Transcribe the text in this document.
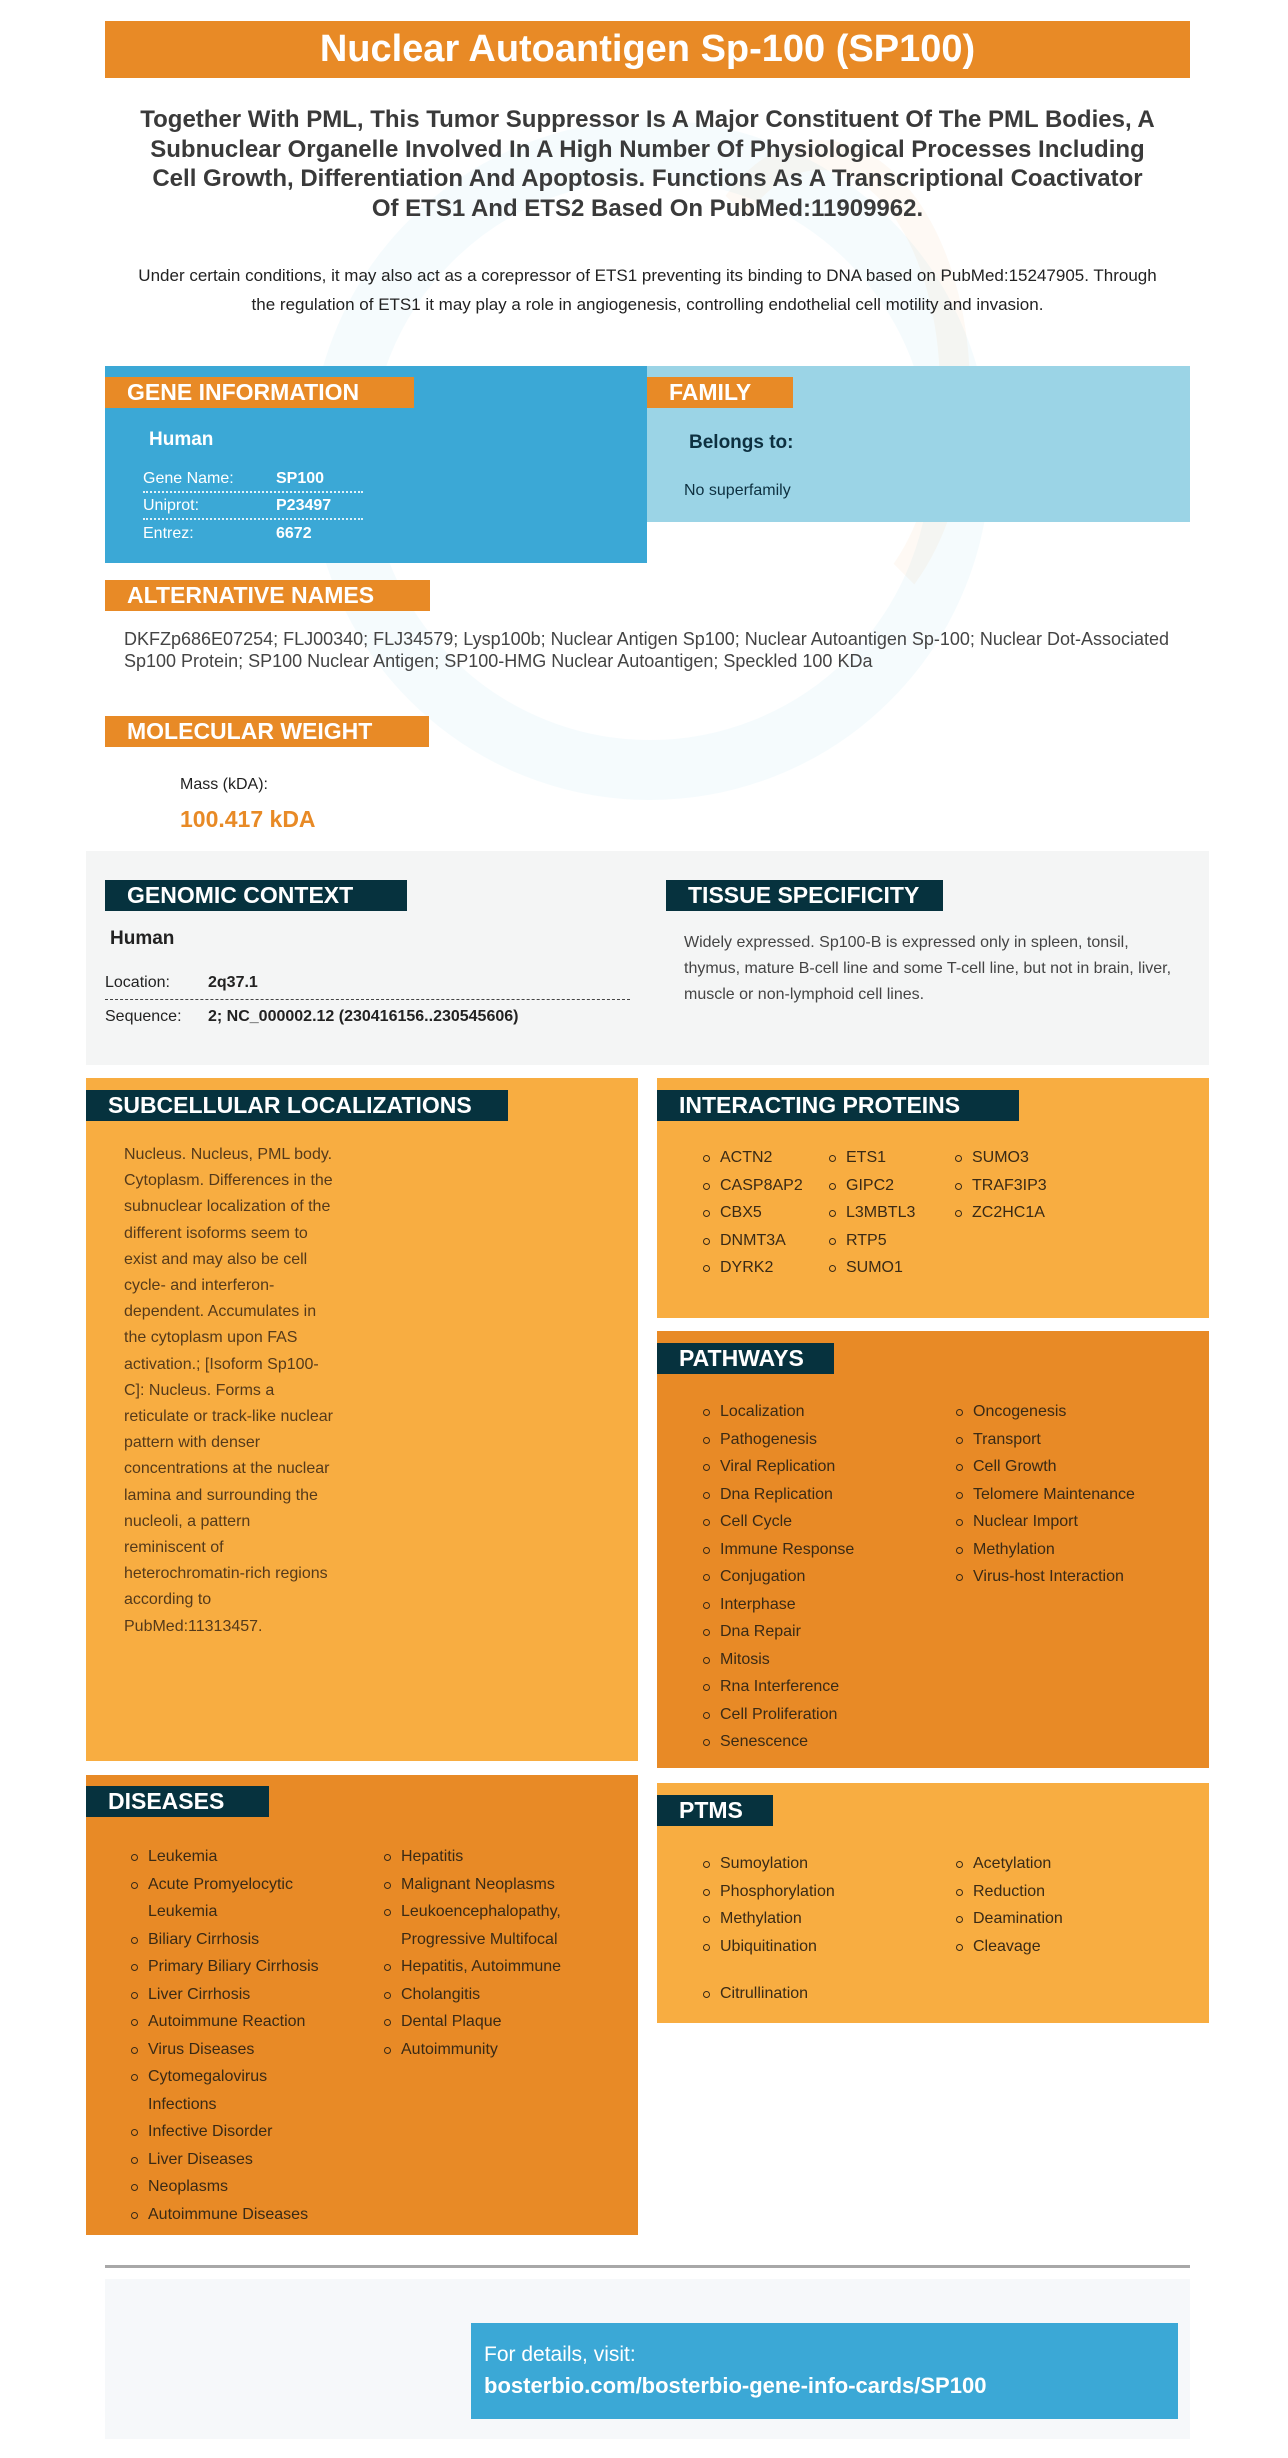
Nuclear Autoantigen Sp-100 (SP100)
Together With PML, This Tumor Suppressor Is A Major Constituent Of The PML Bodies, A Subnuclear Organelle Involved In A High Number Of Physiological Processes Including Cell Growth, Differentiation And Apoptosis. Functions As A Transcriptional Coactivator Of ETS1 And ETS2 Based On PubMed:11909962.
Under certain conditions, it may also act as a corepressor of ETS1 preventing its binding to DNA based on PubMed:15247905. Through the regulation of ETS1 it may play a role in angiogenesis, controlling endothelial cell motility and invasion.
GENE INFORMATION
Human
Gene Name:	SP100
Uniprot:	P23497
Entrez:	6672
FAMILY
Belongs to:
No superfamily
ALTERNATIVE NAMES
DKFZp686E07254; FLJ00340; FLJ34579; Lysp100b; Nuclear Antigen Sp100; Nuclear Autoantigen Sp-100; Nuclear Dot-Associated Sp100 Protein; SP100 Nuclear Antigen; SP100-HMG Nuclear Autoantigen; Speckled 100 KDa
MOLECULAR WEIGHT
Mass (kDA):
100.417 kDA
GENOMIC CONTEXT
Human
Location:	2q37.1
Sequence:	2; NC_000002.12 (230416156..230545606)
TISSUE SPECIFICITY
Widely expressed. Sp100-B is expressed only in spleen, tonsil, thymus, mature B-cell line and some T-cell line, but not in brain, liver, muscle or non-lymphoid cell lines.
SUBCELLULAR LOCALIZATIONS
Nucleus. Nucleus, PML body. Cytoplasm. Differences in the subnuclear localization of the different isoforms seem to exist and may also be cell cycle- and interferon-dependent. Accumulates in the cytoplasm upon FAS activation.; [Isoform Sp100-C]: Nucleus. Forms a reticulate or track-like nuclear pattern with denser concentrations at the nuclear lamina and surrounding the nucleoli, a pattern reminiscent of heterochromatin-rich regions according to PubMed:11313457.
INTERACTING PROTEINS
ACTN2
CASP8AP2
CBX5
DNMT3A
DYRK2
ETS1
GIPC2
L3MBTL3
RTP5
SUMO1
SUMO3
TRAF3IP3
ZC2HC1A
PATHWAYS
Localization
Pathogenesis
Viral Replication
Dna Replication
Cell Cycle
Immune Response
Conjugation
Interphase
Dna Repair
Mitosis
Rna Interference
Cell Proliferation
Senescence
Oncogenesis
Transport
Cell Growth
Telomere Maintenance
Nuclear Import
Methylation
Virus-host Interaction
DISEASES
Leukemia
Acute Promyelocytic Leukemia
Biliary Cirrhosis
Primary Biliary Cirrhosis
Liver Cirrhosis
Autoimmune Reaction
Virus Diseases
Cytomegalovirus Infections
Infective Disorder
Liver Diseases
Neoplasms
Autoimmune Diseases
Hepatitis
Malignant Neoplasms
Leukoencephalopathy, Progressive Multifocal
Hepatitis, Autoimmune
Cholangitis
Dental Plaque
Autoimmunity
PTMS
Sumoylation
Phosphorylation
Methylation
Ubiquitination
Acetylation
Reduction
Deamination
Cleavage
Citrullination
For details, visit:
bosterbio.com/bosterbio-gene-info-cards/SP100
